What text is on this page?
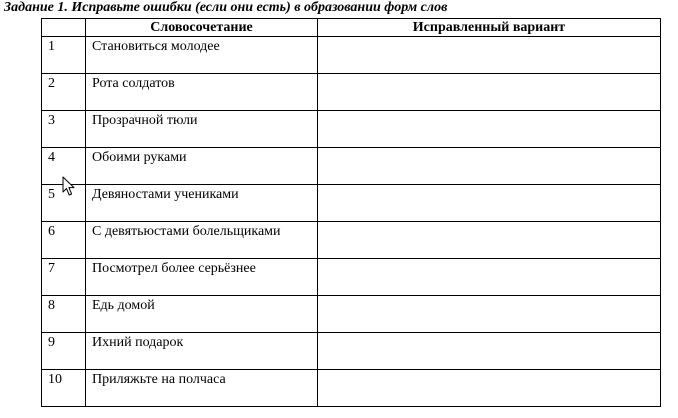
Задание 1. Исправьте ошибки (если они есть) в образовании форм слов
	Словосочетание	Исправленный вариант
1	Становиться молодее	
2	Рота солдатов	
3	Прозрачной тюли	
4	Обоими руками	
5	Девяностами учениками	
6	С девятьюстами болельщиками	
7	Посмотрел более серьёзнее	
8	Едь домой	
9	Ихний подарок	
10	Приляжьте на полчаса	
